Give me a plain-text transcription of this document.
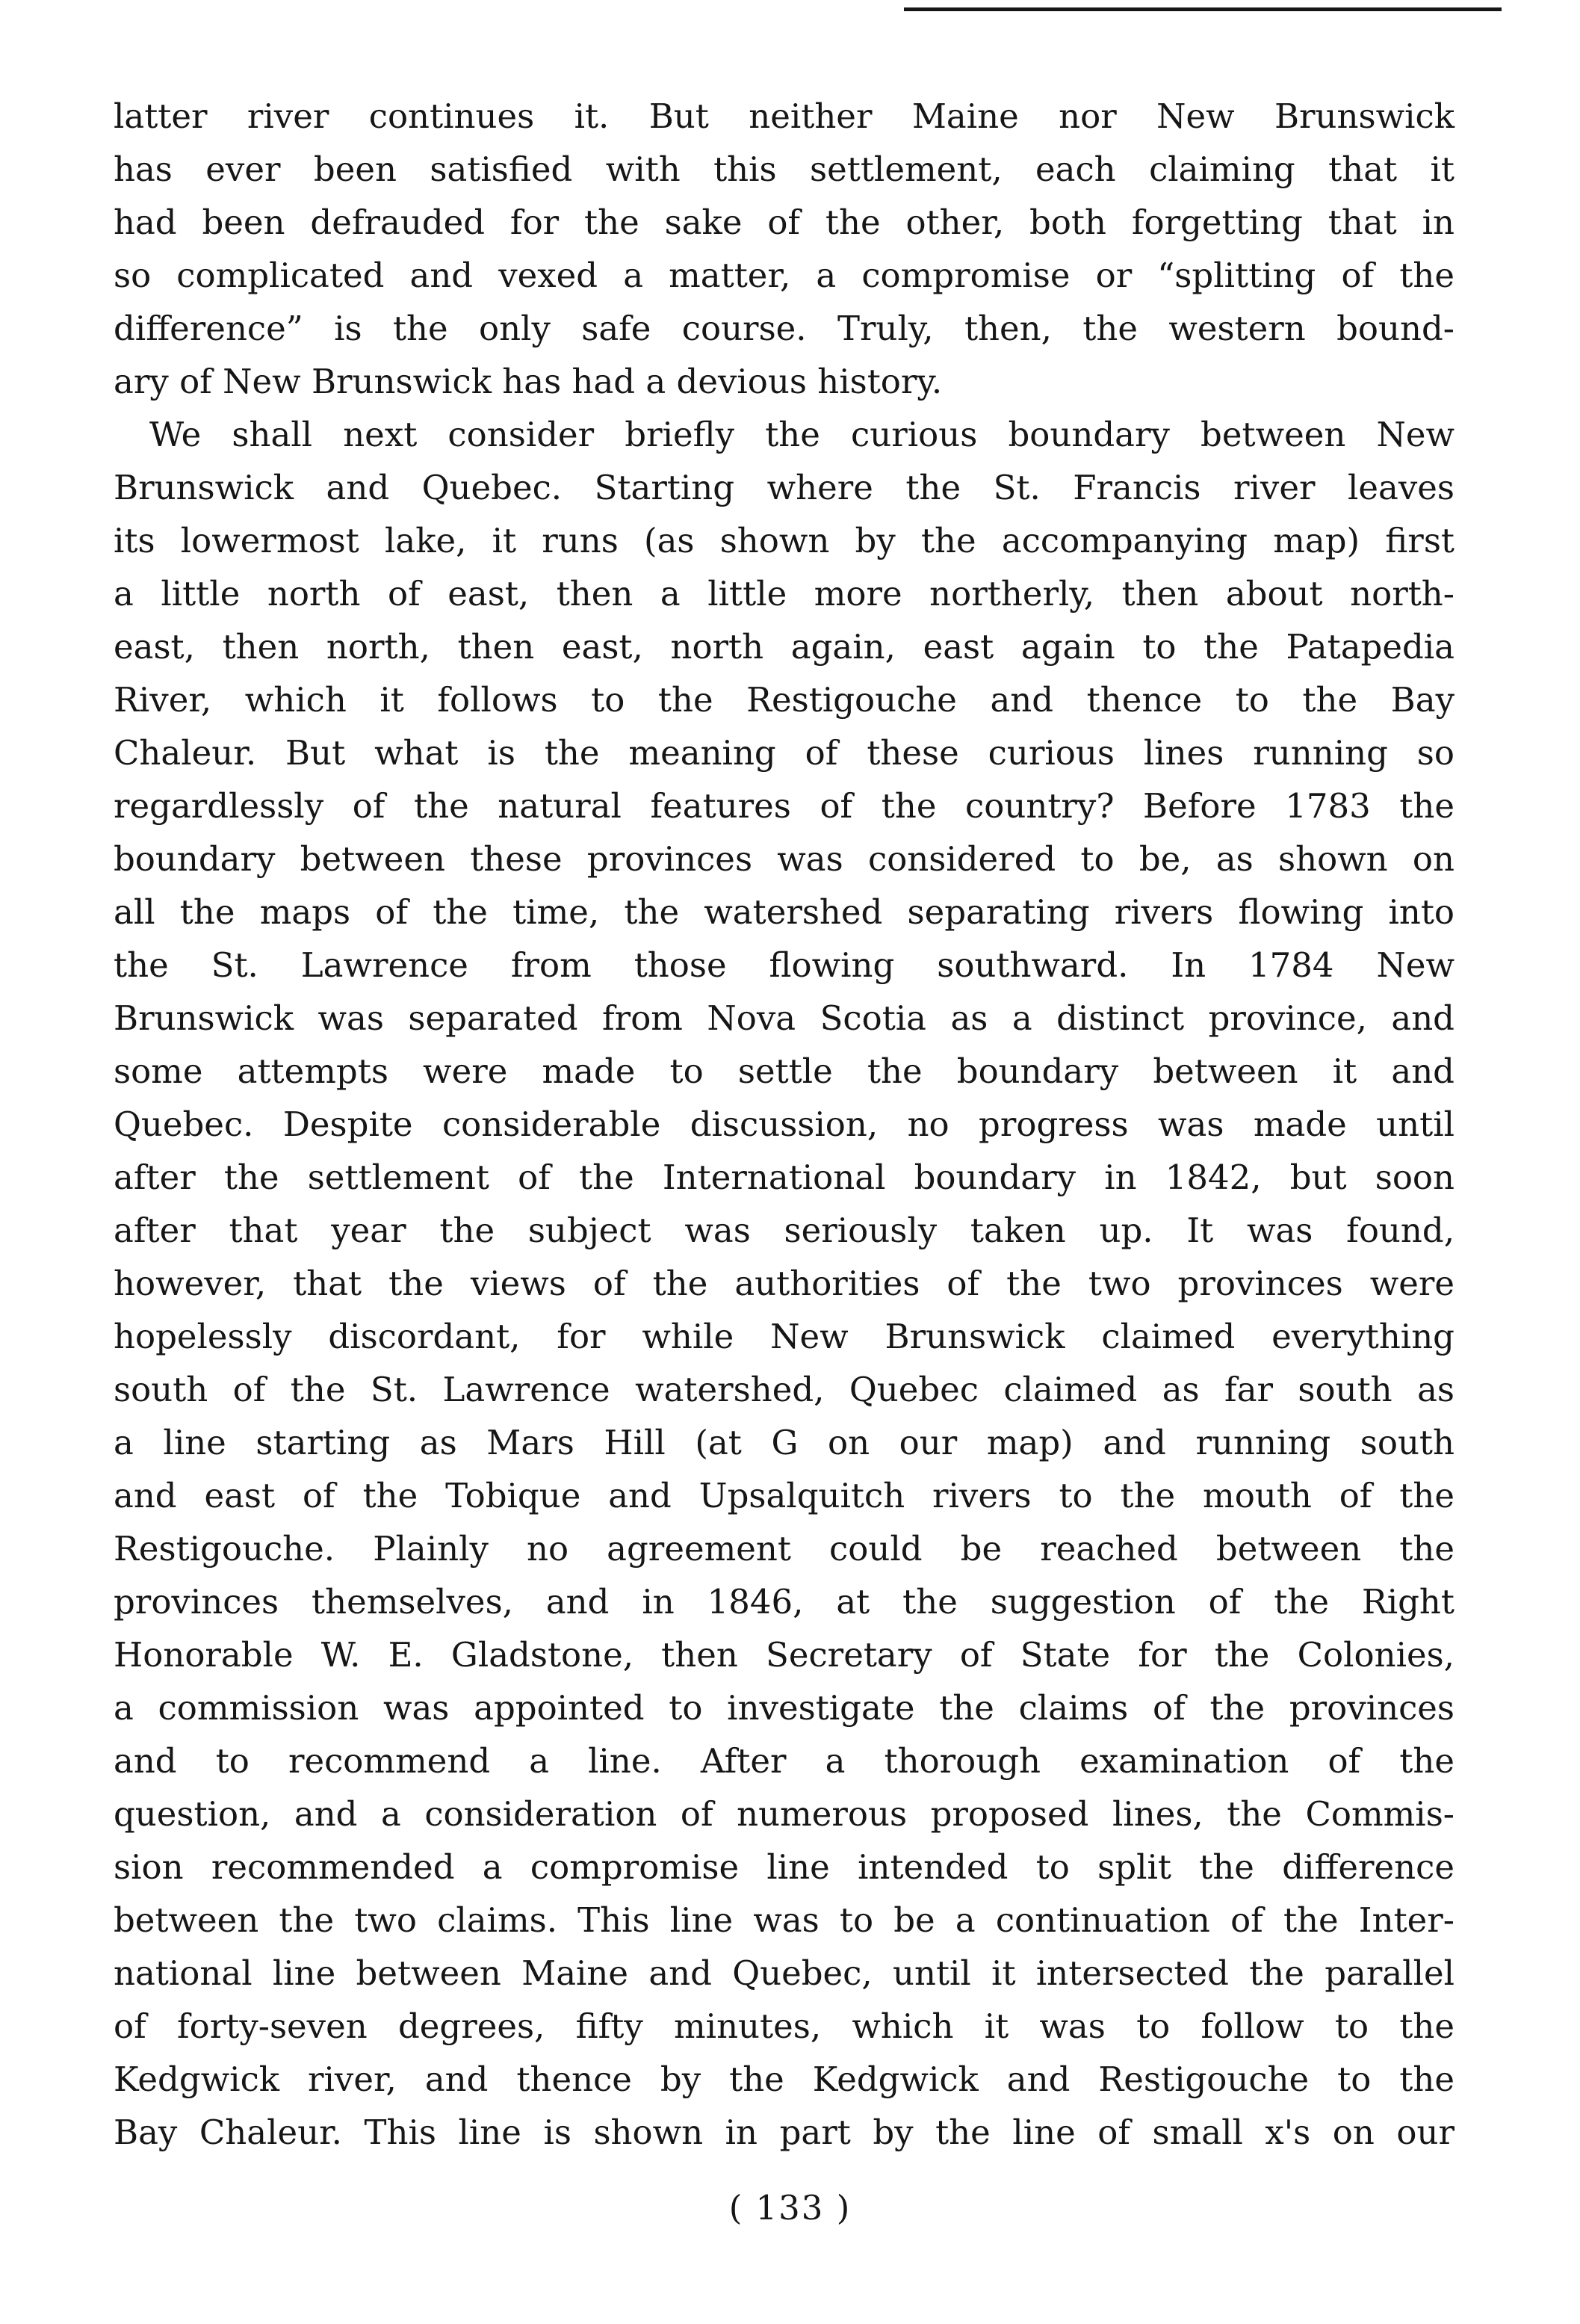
latter river continues it. But neither Maine nor New Brunswick
has ever been satisfied with this settlement, each claiming that it
had been defrauded for the sake of the other, both forgetting that in
so complicated and vexed a matter, a compromise or “splitting of the
difference” is the only safe course. Truly, then, the western bound-
ary of New Brunswick has had a devious history.

We shall next consider briefly the curious boundary between New
Brunswick and Quebec. Starting where the St. Francis river leaves
its lowermost lake, it runs (as shown by the accompanying map) first
a little north of east, then a little more northerly, then about north-
east, then north, then east, north again, east again to the Patapedia
River, which it follows to the Restigouche and thence to the Bay
Chaleur. But what is the meaning of these curious lines running so
regardlessly of the natural features of the country? Before 1783 the
boundary between these provinces was considered to be, as shown on
all the maps of the time, the watershed separating rivers flowing into
the St. Lawrence from those flowing southward. In 1784 New
Brunswick was separated from Nova Scotia as a distinct province, and
some attempts were made to settle the boundary between it and
Quebec. Despite considerable discussion, no progress was made until
after the settlement of the International boundary in 1842, but soon
after that year the subject was seriously taken up. It was found,
however, that the views of the authorities of the two provinces were
hopelessly discordant, for while New Brunswick claimed everything
south of the St. Lawrence watershed, Quebec claimed as far south as
a line starting as Mars Hill (at G on our map) and running south
and east of the Tobique and Upsalquitch rivers to the mouth of the
Restigouche. Plainly no agreement could be reached between the
provinces themselves, and in 1846, at the suggestion of the Right
Honorable W. E. Gladstone, then Secretary of State for the Colonies,
a commission was appointed to investigate the claims of the provinces
and to recommend a line. After a thorough examination of the
question, and a consideration of numerous proposed lines, the Commis-
sion recommended a compromise line intended to split the difference
between the two claims. This line was to be a continuation of the Inter-
national line between Maine and Quebec, until it intersected the parallel
of forty-seven degrees, fifty minutes, which it was to follow to the
Kedgwick river, and thence by the Kedgwick and Restigouche to the
Bay Chaleur. This line is shown in part by the line of small x's on our

( 133 )
